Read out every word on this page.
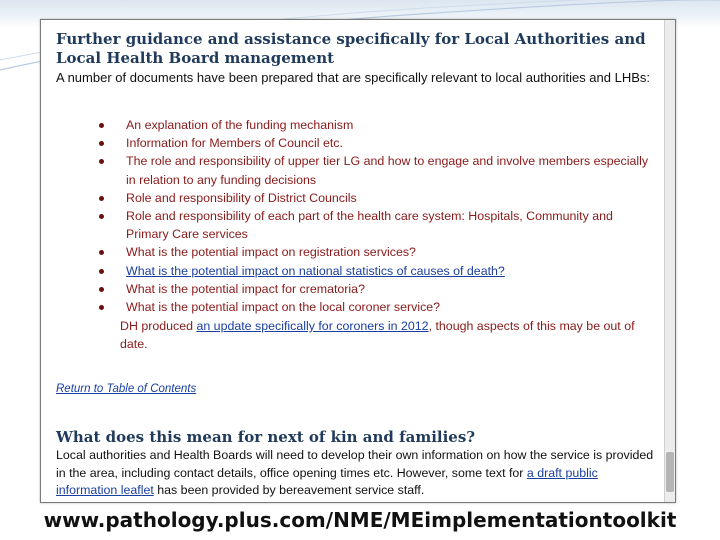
Further guidance and assistance specifically for Local Authorities and Local Health Board management
A number of documents have been prepared that are specifically relevant to local authorities and LHBs:
An explanation of the funding mechanism
Information for Members of Council etc.
The role and responsibility of upper tier LG and how to engage and involve members especially in relation to any funding decisions
Role and responsibility of District Councils
Role and responsibility of each part of the health care system: Hospitals, Community and Primary Care services
What is the potential impact on registration services?
What is the potential impact on national statistics of causes of death?
What is the potential impact for crematoria?
What is the potential impact on the local coroner service?
DH produced an update specifically for coroners in 2012, though aspects of this may be out of date.
Return to Table of Contents
What does this mean for next of kin and families?
Local authorities and Health Boards will need to develop their own information on how the service is provided in the area, including contact details, office opening times etc. However, some text for a draft public information leaflet has been provided by bereavement service staff.
www.pathology.plus.com/NME/MEimplementationtoolkit
